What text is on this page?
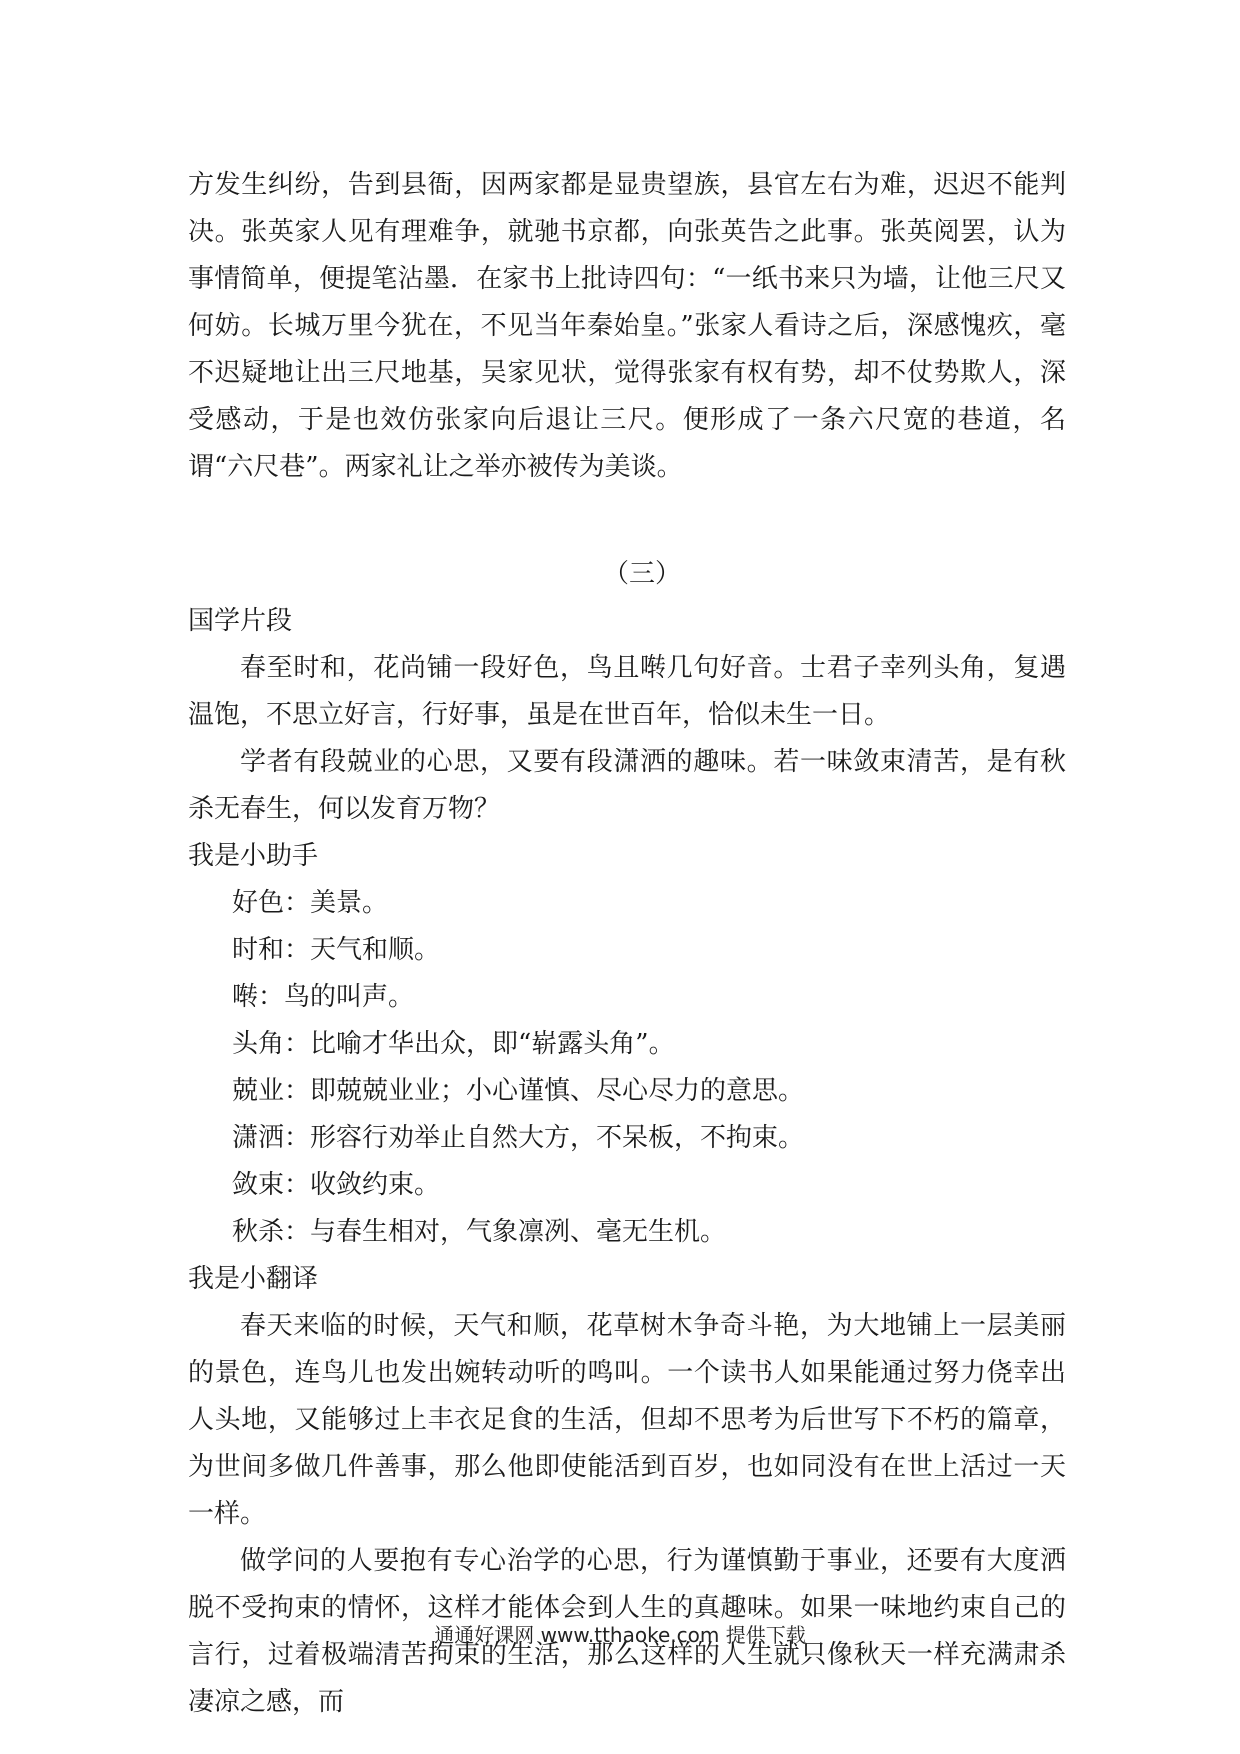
方发生纠纷，告到县衙，因两家都是显贵望族，县官左右为难，迟迟不能判决。张英家人见有理难争，就驰书京都，向张英告之此事。张英阅罢，认为事情简单，便提笔沾墨．在家书上批诗四句：“一纸书来只为墙，让他三尺又何妨。长城万里今犹在，不见当年秦始皇。”张家人看诗之后，深感愧疚，毫不迟疑地让出三尺地基，吴家见状，觉得张家有权有势，却不仗势欺人，深受感动，于是也效仿张家向后退让三尺。便形成了一条六尺宽的巷道，名谓“六尺巷”。两家礼让之举亦被传为美谈。

（三）
国学片段

春至时和，花尚铺一段好色，鸟且啭几句好音。士君子幸列头角，复遇温饱，不思立好言，行好事，虽是在世百年，恰似未生一日。

学者有段兢业的心思，又要有段潇洒的趣味。若一味敛束清苦，是有秋杀无春生，何以发育万物？

我是小助手
好色：美景。
时和：天气和顺。
啭：鸟的叫声。
头角：比喻才华出众，即“崭露头角”。
兢业：即兢兢业业；小心谨慎、尽心尽力的意思。
潇洒：形容行劝举止自然大方，不呆板，不拘束。
敛束：收敛约束。
秋杀：与春生相对，气象凛冽、毫无生机。
我是小翻译

春天来临的时候，天气和顺，花草树木争奇斗艳，为大地铺上一层美丽的景色，连鸟儿也发出婉转动听的鸣叫。一个读书人如果能通过努力侥幸出人头地，又能够过上丰衣足食的生活，但却不思考为后世写下不朽的篇章，为世间多做几件善事，那么他即使能活到百岁，也如同没有在世上活过一天一样。

做学问的人要抱有专心治学的心思，行为谨慎勤于事业，还要有大度洒脱不受拘束的情怀，这样才能体会到人生的真趣味。如果一味地约束自己的言行，过着极端清苦拘束的生活，那么这样的人生就只像秋天一样充满肃杀凄凉之感，而

通通好课网 www.tthaoke.com 提供下载
